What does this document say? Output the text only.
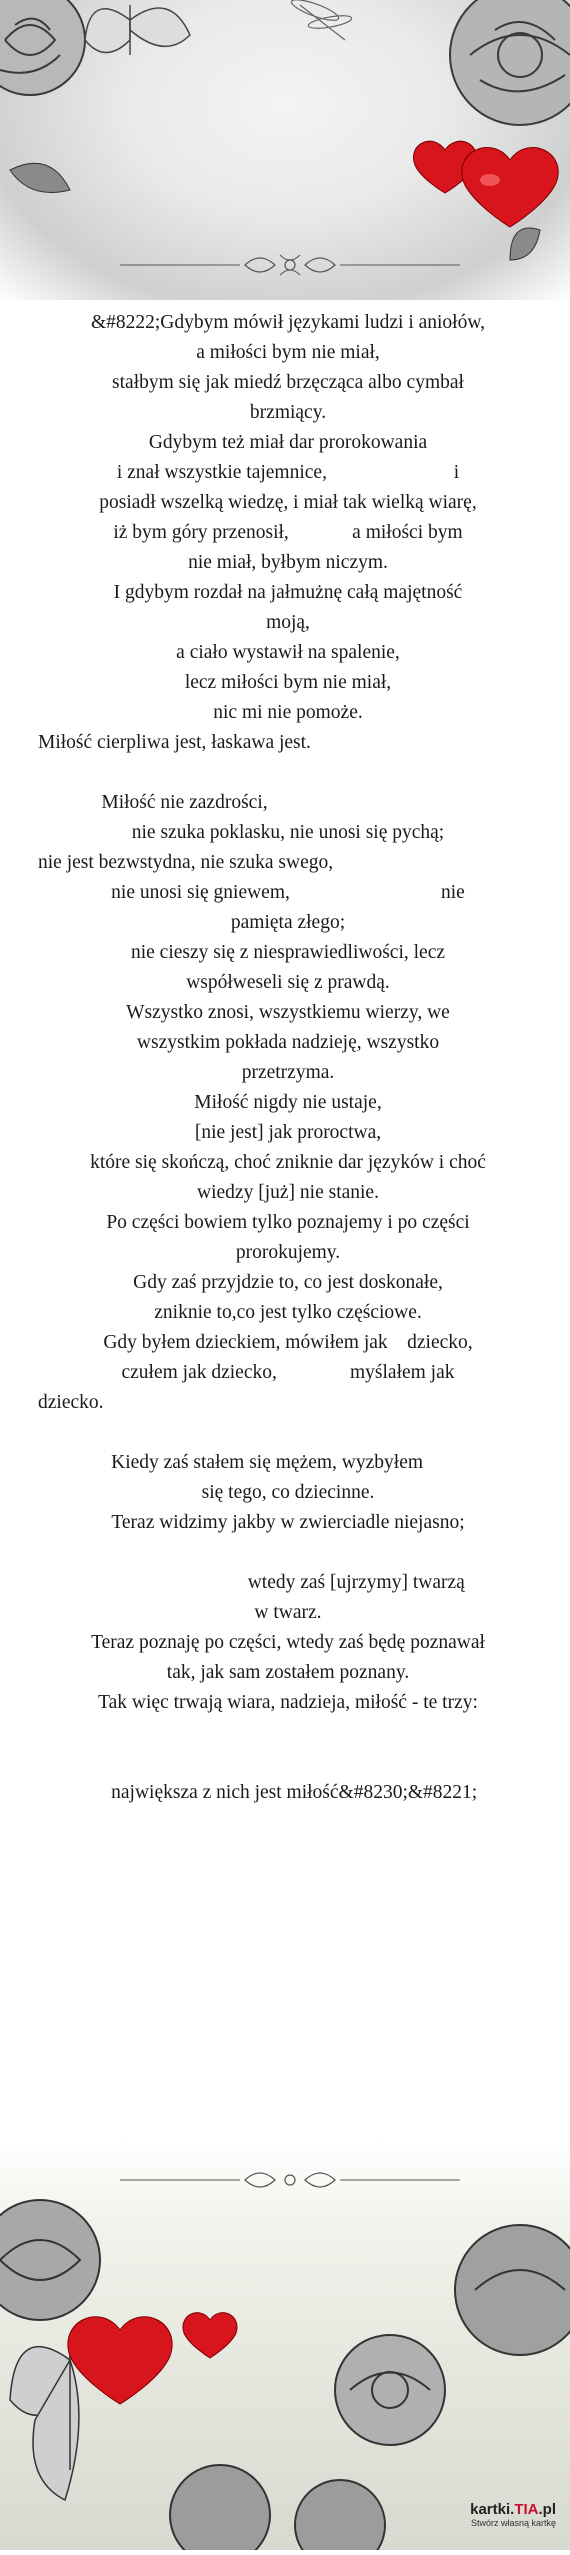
&#8222;Gdybym mówił językami ludzi i aniołów,
a miłości bym nie miał,
stałbym się jak miedź brzęcząca albo cymbał
brzmiący.
Gdybym też miał dar prorokowania
i znał wszystkie tajemnice,                          i
posiadł wszelką wiedzę, i miał tak wielką wiarę,
iż bym góry przenosił,             a miłości bym
nie miał, byłbym niczym.
I gdybym rozdał na jałmużnę całą majętność
moją,
a ciało wystawił na spalenie,
lecz miłości bym nie miał,
nic mi nie pomoże.
Miłość cierpliwa jest, łaskawa jest.
Miłość nie zazdrości,
nie szuka poklasku, nie unosi się pychą;
nie jest bezwstydna, nie szuka swego,
nie unosi się gniewem,                               nie
pamięta złego;
nie cieszy się z niesprawiedliwości, lecz
współweseli się z prawdą.
Wszystko znosi, wszystkiemu wierzy, we
wszystkim pokłada nadzieję, wszystko
przetrzyma.
Miłość nigdy nie ustaje,
[nie jest] jak proroctwa,
które się skończą, choć zniknie dar języków i choć
wiedzy [już] nie stanie.
Po części bowiem tylko poznajemy i po części
prorokujemy.
Gdy zaś przyjdzie to, co jest doskonałe,
zniknie to,co jest tylko częściowe.
Gdy byłem dzieckiem, mówiłem jak    dziecko,
czułem jak dziecko,               myślałem jak
dziecko.
Kiedy zaś stałem się mężem, wyzbyłem
się tego, co dziecinne.
Teraz widzimy jakby w zwierciadle niejasno;
wtedy zaś [ujrzymy] twarzą
w twarz.
Teraz poznaję po części, wtedy zaś będę poznawał
tak, jak sam zostałem poznany.
Tak więc trwają wiara, nadzieja, miłość - te trzy:
największa z nich jest miłość&#8230;&#8221;
kartki.TIA.pl
Stwórz własną kartkę
